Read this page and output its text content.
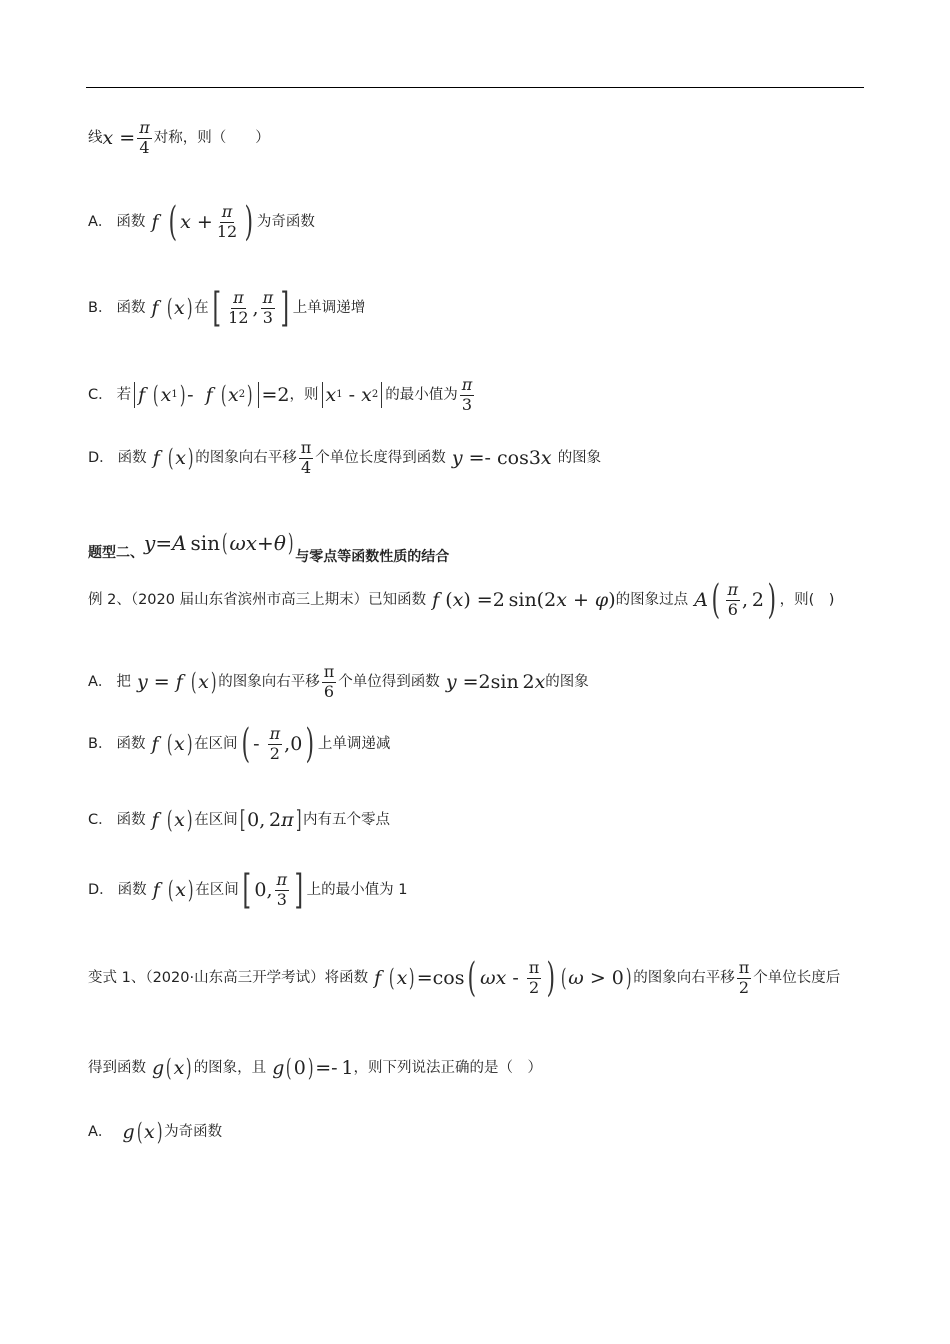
线 $x = \frac{\pi}{4}$ 对称，则（　　）
A． 函数
f
( $x + \frac{\pi}{12}$ ) 为奇函数
B． 函数
f
( x ) 在 [ $\frac{\pi}{12}$ , $\frac{\pi}{3}$ ] 上单调递增
C． 若 f
( x 1 ) - f
( x 2 ) =2 ，则 x 1 - x 2 的最小值为 $\frac{\pi}{3}$
D． 函数
f
( x ) 的图象向右平移 $\frac{\pi}{4}$ 个单位长度得到函数
y =- cos3 x
的图象
题型二、 y = A  sin ( ωx + θ ) 与零点等函数性质的结合
例 2、（2020 届山东省滨州市高三上期末）已知函数
f ( x ) =2 sin(2 x + φ ) 的图象过点
A ( $\frac{\pi}{6}$ , 2 ) ，则(　)
A． 把
y = f
( x ) 的图象向右平移 $\frac{\pi}{6}$ 个单位得到函数
y =2sin 2 x 的图象
B． 函数
f
( x ) 在区间 ( - $\frac{\pi}{2} ,0$ ) 上单调递减
C． 函数
f
( x ) 在区间 [ 0, 2 π ] 内有五个零点
D． 函数
f
( x ) 在区间 [ 0, $\frac{\pi}{3}$ ] 上的最小值为 1
变式 1、（2020·山东高三开学考试）将函数
f
( x ) =cos ( ωx - $\frac{\pi}{2}$ ) ( ω > 0 ) 的图象向右平移 $\frac{\pi}{2}$ 个单位长度后
得到函数
g ( x ) 的图象，且
g ( 0 ) =- 1 ，则下列说法正确的是（　）
A．
g ( x ) 为奇函数
